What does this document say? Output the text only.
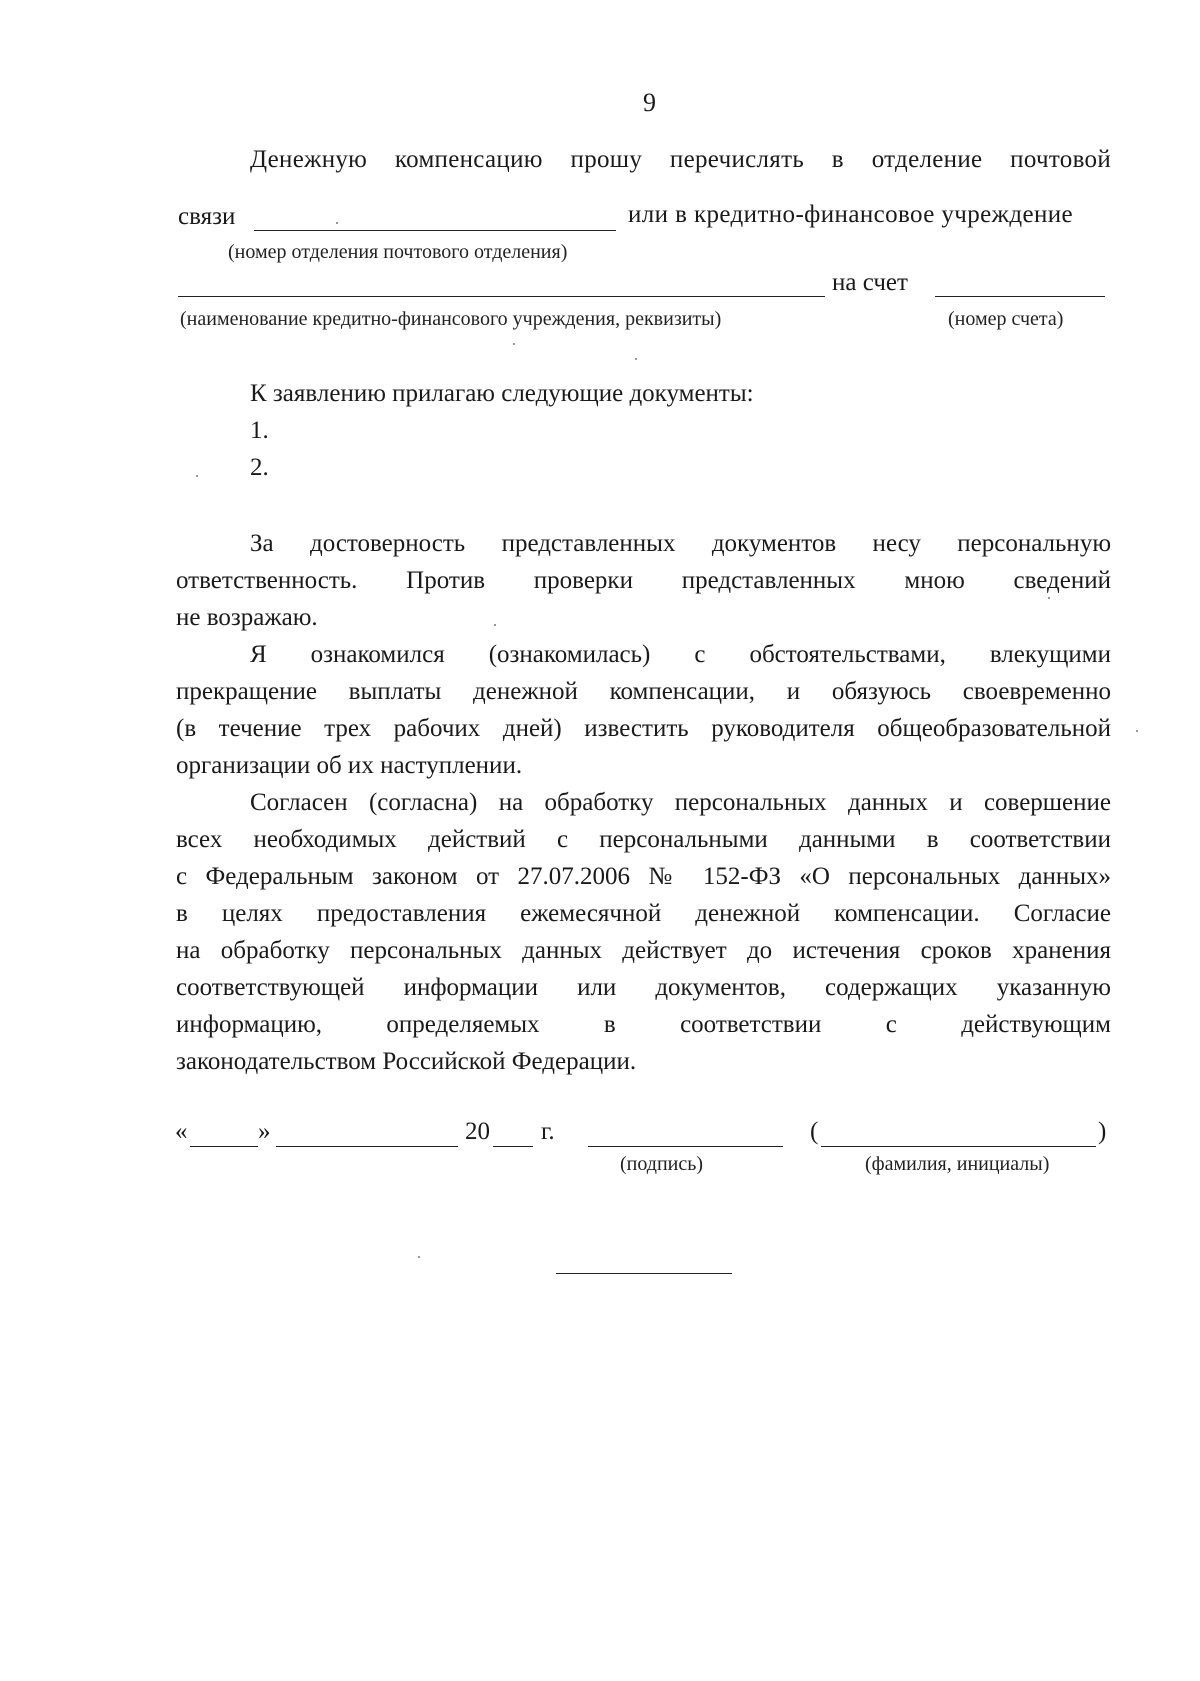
9
Денежную компенсацию прошу перечислять в отделение почтовой
связи	или в кредитно-финансовое учреждение
(номер отделения почтового отделения)
на счет
(наименование кредитно-финансового учреждения, реквизиты)	(номер счета)
К заявлению прилагаю следующие документы:
1.
2.
За достоверность представленных документов несу персональную
ответственность. Против проверки представленных мною сведений
не возражаю.
Я ознакомился (ознакомилась) с обстоятельствами, влекущими
прекращение выплаты денежной компенсации, и обязуюсь своевременно
(в течение трех рабочих дней) известить руководителя общеобразовательной
организации об их наступлении.
Согласен (согласна) на обработку персональных данных и совершение
всех необходимых действий с персональными данными в соответствии
с Федеральным законом от 27.07.2006 № 152-ФЗ «О персональных данных»
в целях предоставления ежемесячной денежной компенсации. Согласие
на обработку персональных данных действует до истечения сроков хранения
соответствующей информации или документов, содержащих указанную
информацию, определяемых в соответствии с действующим
законодательством Российской Федерации.
«	»	20 г.	(	)
(подпись)	(фамилия, инициалы)
